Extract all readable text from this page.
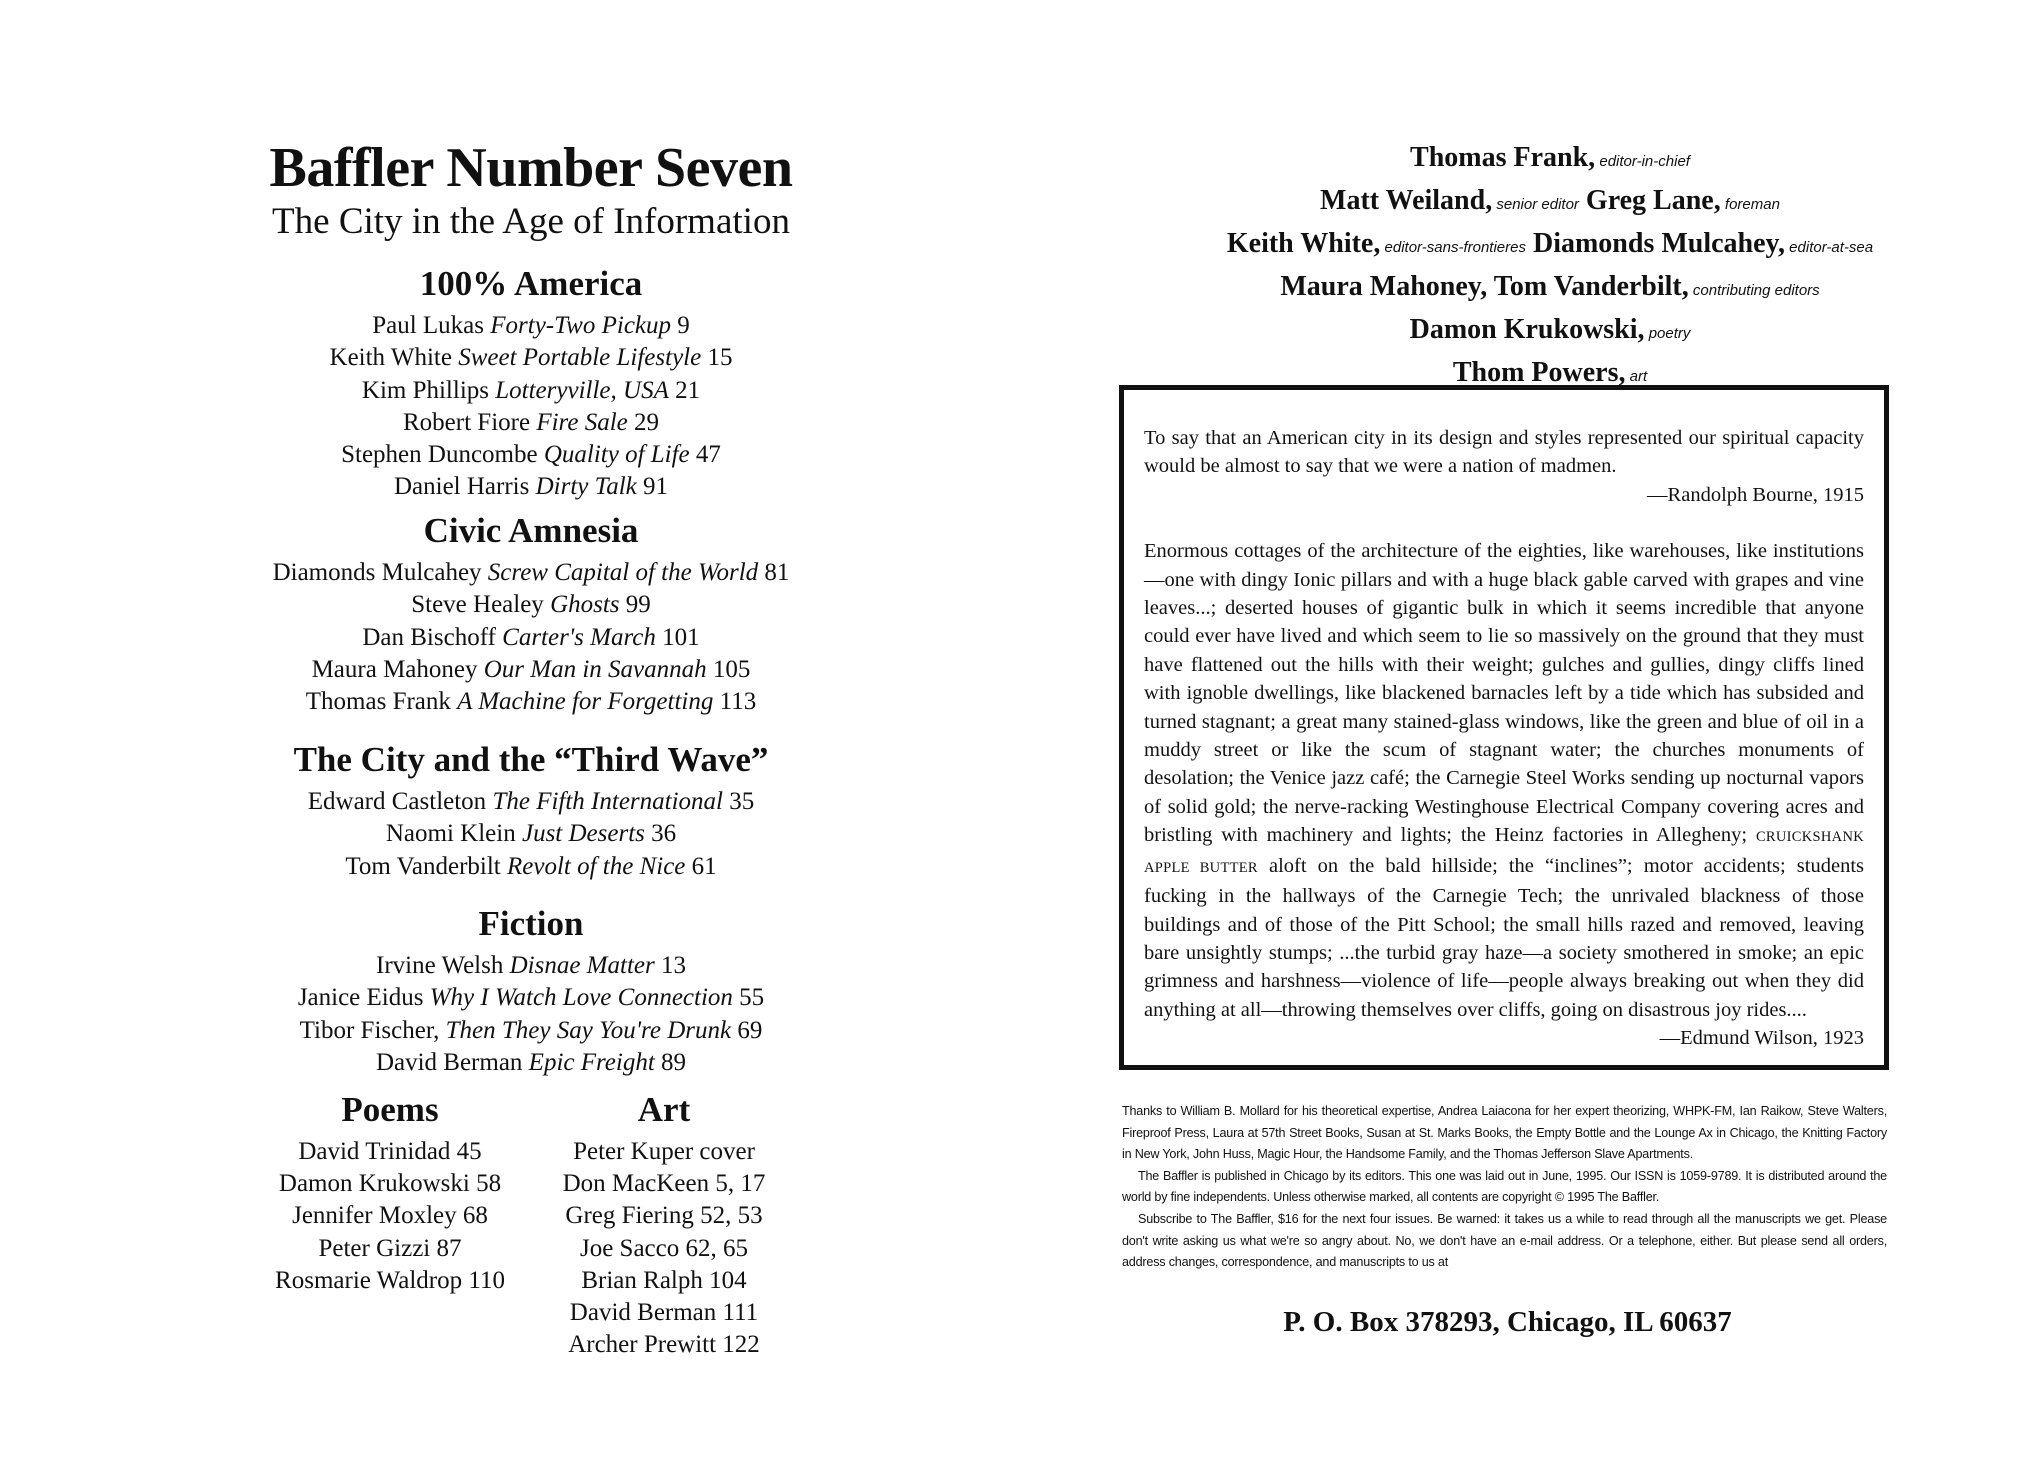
Baffler Number Seven
The City in the Age of Information
100% America
Paul Lukas Forty-Two Pickup 9
Keith White Sweet Portable Lifestyle 15
Kim Phillips Lotteryville, USA 21
Robert Fiore Fire Sale 29
Stephen Duncombe Quality of Life 47
Daniel Harris Dirty Talk 91
Civic Amnesia
Diamonds Mulcahey Screw Capital of the World 81
Steve Healey Ghosts 99
Dan Bischoff Carter's March 101
Maura Mahoney Our Man in Savannah 105
Thomas Frank A Machine for Forgetting 113
The City and the “Third Wave”
Edward Castleton The Fifth International 35
Naomi Klein Just Deserts 36
Tom Vanderbilt Revolt of the Nice 61
Fiction
Irvine Welsh Disnae Matter 13
Janice Eidus Why I Watch Love Connection 55
Tibor Fischer, Then They Say You're Drunk 69
David Berman Epic Freight 89
Poems
David Trinidad 45
Damon Krukowski 58
Jennifer Moxley 68
Peter Gizzi 87
Rosmarie Waldrop 110
Art
Peter Kuper cover
Don MacKeen 5, 17
Greg Fiering 52, 53
Joe Sacco 62, 65
Brian Ralph 104
David Berman 111
Archer Prewitt 122
Thomas Frank, editor-in-chief
Matt Weiland, senior editor Greg Lane, foreman
Keith White, editor-sans-frontieres Diamonds Mulcahey, editor-at-sea
Maura Mahoney, Tom Vanderbilt, contributing editors
Damon Krukowski, poetry
Thom Powers, art

To say that an American city in its design and styles represented our spiritual capacity would be almost to say that we were a nation of madmen.

—Randolph Bourne, 1915

Enormous cottages of the architecture of the eighties, like warehouses, like institutions—one with dingy Ionic pillars and with a huge black gable carved with grapes and vine leaves...; deserted houses of gigantic bulk in which it seems incredible that anyone could ever have lived and which seem to lie so massively on the ground that they must have flattened out the hills with their weight; gulches and gullies, dingy cliffs lined with ignoble dwellings, like blackened barnacles left by a tide which has subsided and turned stagnant; a great many stained-glass windows, like the green and blue of oil in a muddy street or like the scum of stagnant water; the churches monuments of desolation; the Venice jazz café; the Carnegie Steel Works sending up nocturnal vapors of solid gold; the nerve-racking Westinghouse Electrical Company covering acres and bristling with machinery and lights; the Heinz factories in Allegheny; CRUICKSHANK APPLE BUTTER aloft on the bald hillside; the “inclines”; motor accidents; students fucking in the hallways of the Carnegie Tech; the unrivaled blackness of those buildings and of those of the Pitt School; the small hills razed and removed, leaving bare unsightly stumps; ...the turbid gray haze—a society smothered in smoke; an epic grimness and harshness—violence of life—people always breaking out when they did anything at all—throwing themselves over cliffs, going on disastrous joy rides....

—Edmund Wilson, 1923

Thanks to William B. Mollard for his theoretical expertise, Andrea Laiacona for her expert theorizing, WHPK-FM, Ian Raikow, Steve Walters, Fireproof Press, Laura at 57th Street Books, Susan at St. Marks Books, the Empty Bottle and the Lounge Ax in Chicago, the Knitting Factory in New York, John Huss, Magic Hour, the Handsome Family, and the Thomas Jefferson Slave Apartments.

The Baffler is published in Chicago by its editors. This one was laid out in June, 1995. Our ISSN is 1059-9789. It is distributed around the world by fine independents. Unless otherwise marked, all contents are copyright © 1995 The Baffler.

Subscribe to The Baffler, $16 for the next four issues. Be warned: it takes us a while to read through all the manuscripts we get. Please don't write asking us what we're so angry about. No, we don't have an e-mail address. Or a telephone, either. But please send all orders, address changes, correspondence, and manuscripts to us at

P. O. Box 378293, Chicago, IL 60637
